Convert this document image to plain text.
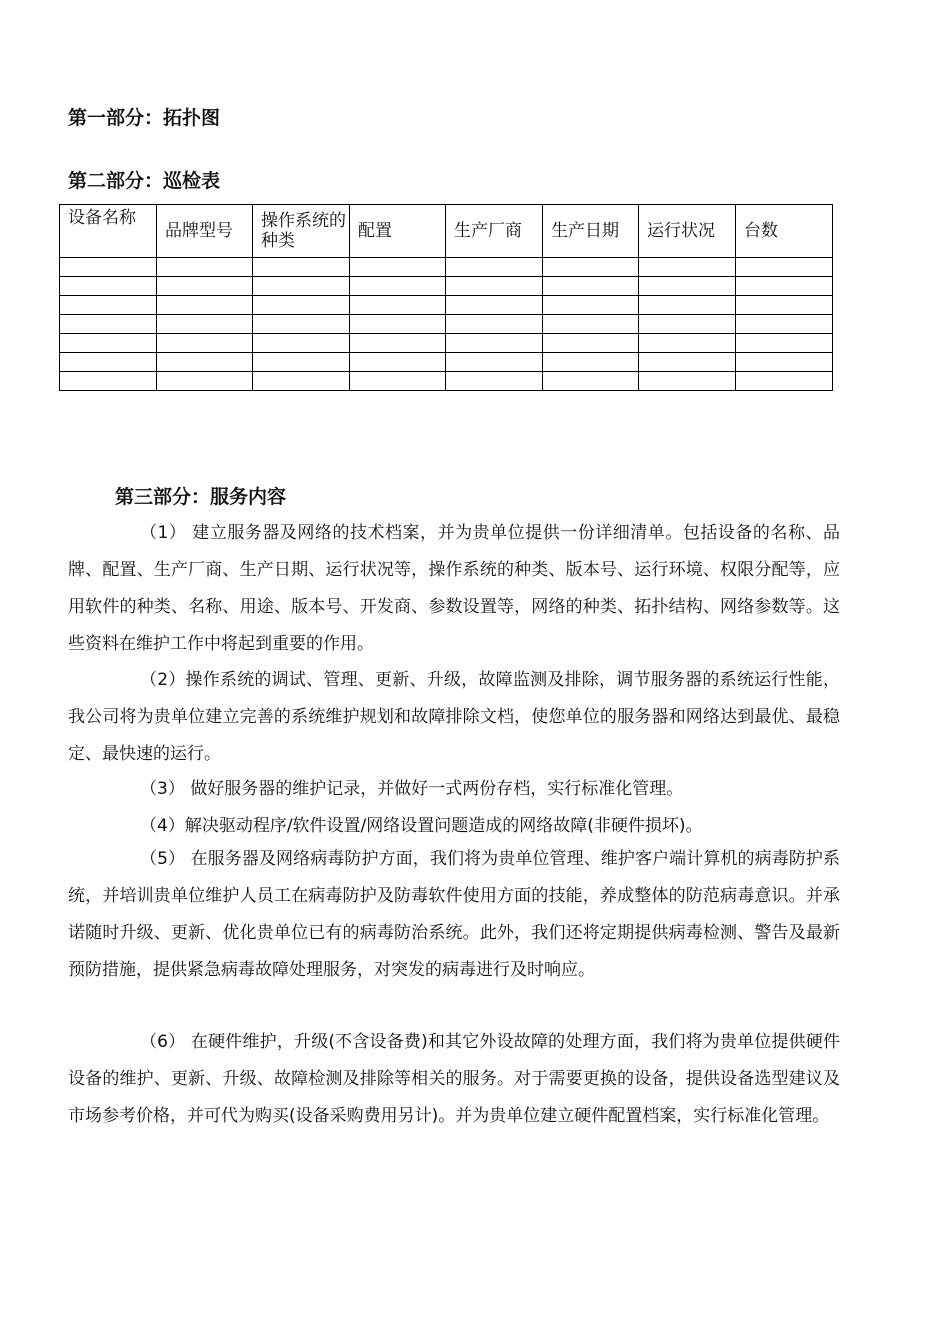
第一部分：拓扑图
第二部分：巡检表
设备名称	品牌型号	操作系统的种类	配置	生产厂商	生产日期	运行状况	台数

第三部分：服务内容

（1） 建立服务器及网络的技术档案，并为贵单位提供一份详细清单。包括设备的名称、品牌、配置、生产厂商、生产日期、运行状况等，操作系统的种类、版本号、运行环境、权限分配等，应用软件的种类、名称、用途、版本号、开发商、参数设置等，网络的种类、拓扑结构、网络参数等。这些资料在维护工作中将起到重要的作用。

（2）操作系统的调试、管理、更新、升级，故障监测及排除，调节服务器的系统运行性能，我公司将为贵单位建立完善的系统维护规划和故障排除文档，使您单位的服务器和网络达到最优、最稳定、最快速的运行。

（3） 做好服务器的维护记录，并做好一式两份存档，实行标准化管理。

（4）解决驱动程序/软件设置/网络设置问题造成的网络故障(非硬件损坏)。

（5） 在服务器及网络病毒防护方面，我们将为贵单位管理、维护客户端计算机的病毒防护系统，并培训贵单位维护人员工在病毒防护及防毒软件使用方面的技能，养成整体的防范病毒意识。并承诺随时升级、更新、优化贵单位已有的病毒防治系统。此外，我们还将定期提供病毒检测、警告及最新预防措施，提供紧急病毒故障处理服务，对突发的病毒进行及时响应。

（6） 在硬件维护，升级(不含设备费)和其它外设故障的处理方面，我们将为贵单位提供硬件设备的维护、更新、升级、故障检测及排除等相关的服务。对于需要更换的设备，提供设备选型建议及市场参考价格，并可代为购买(设备采购费用另计)。并为贵单位建立硬件配置档案，实行标准化管理。
